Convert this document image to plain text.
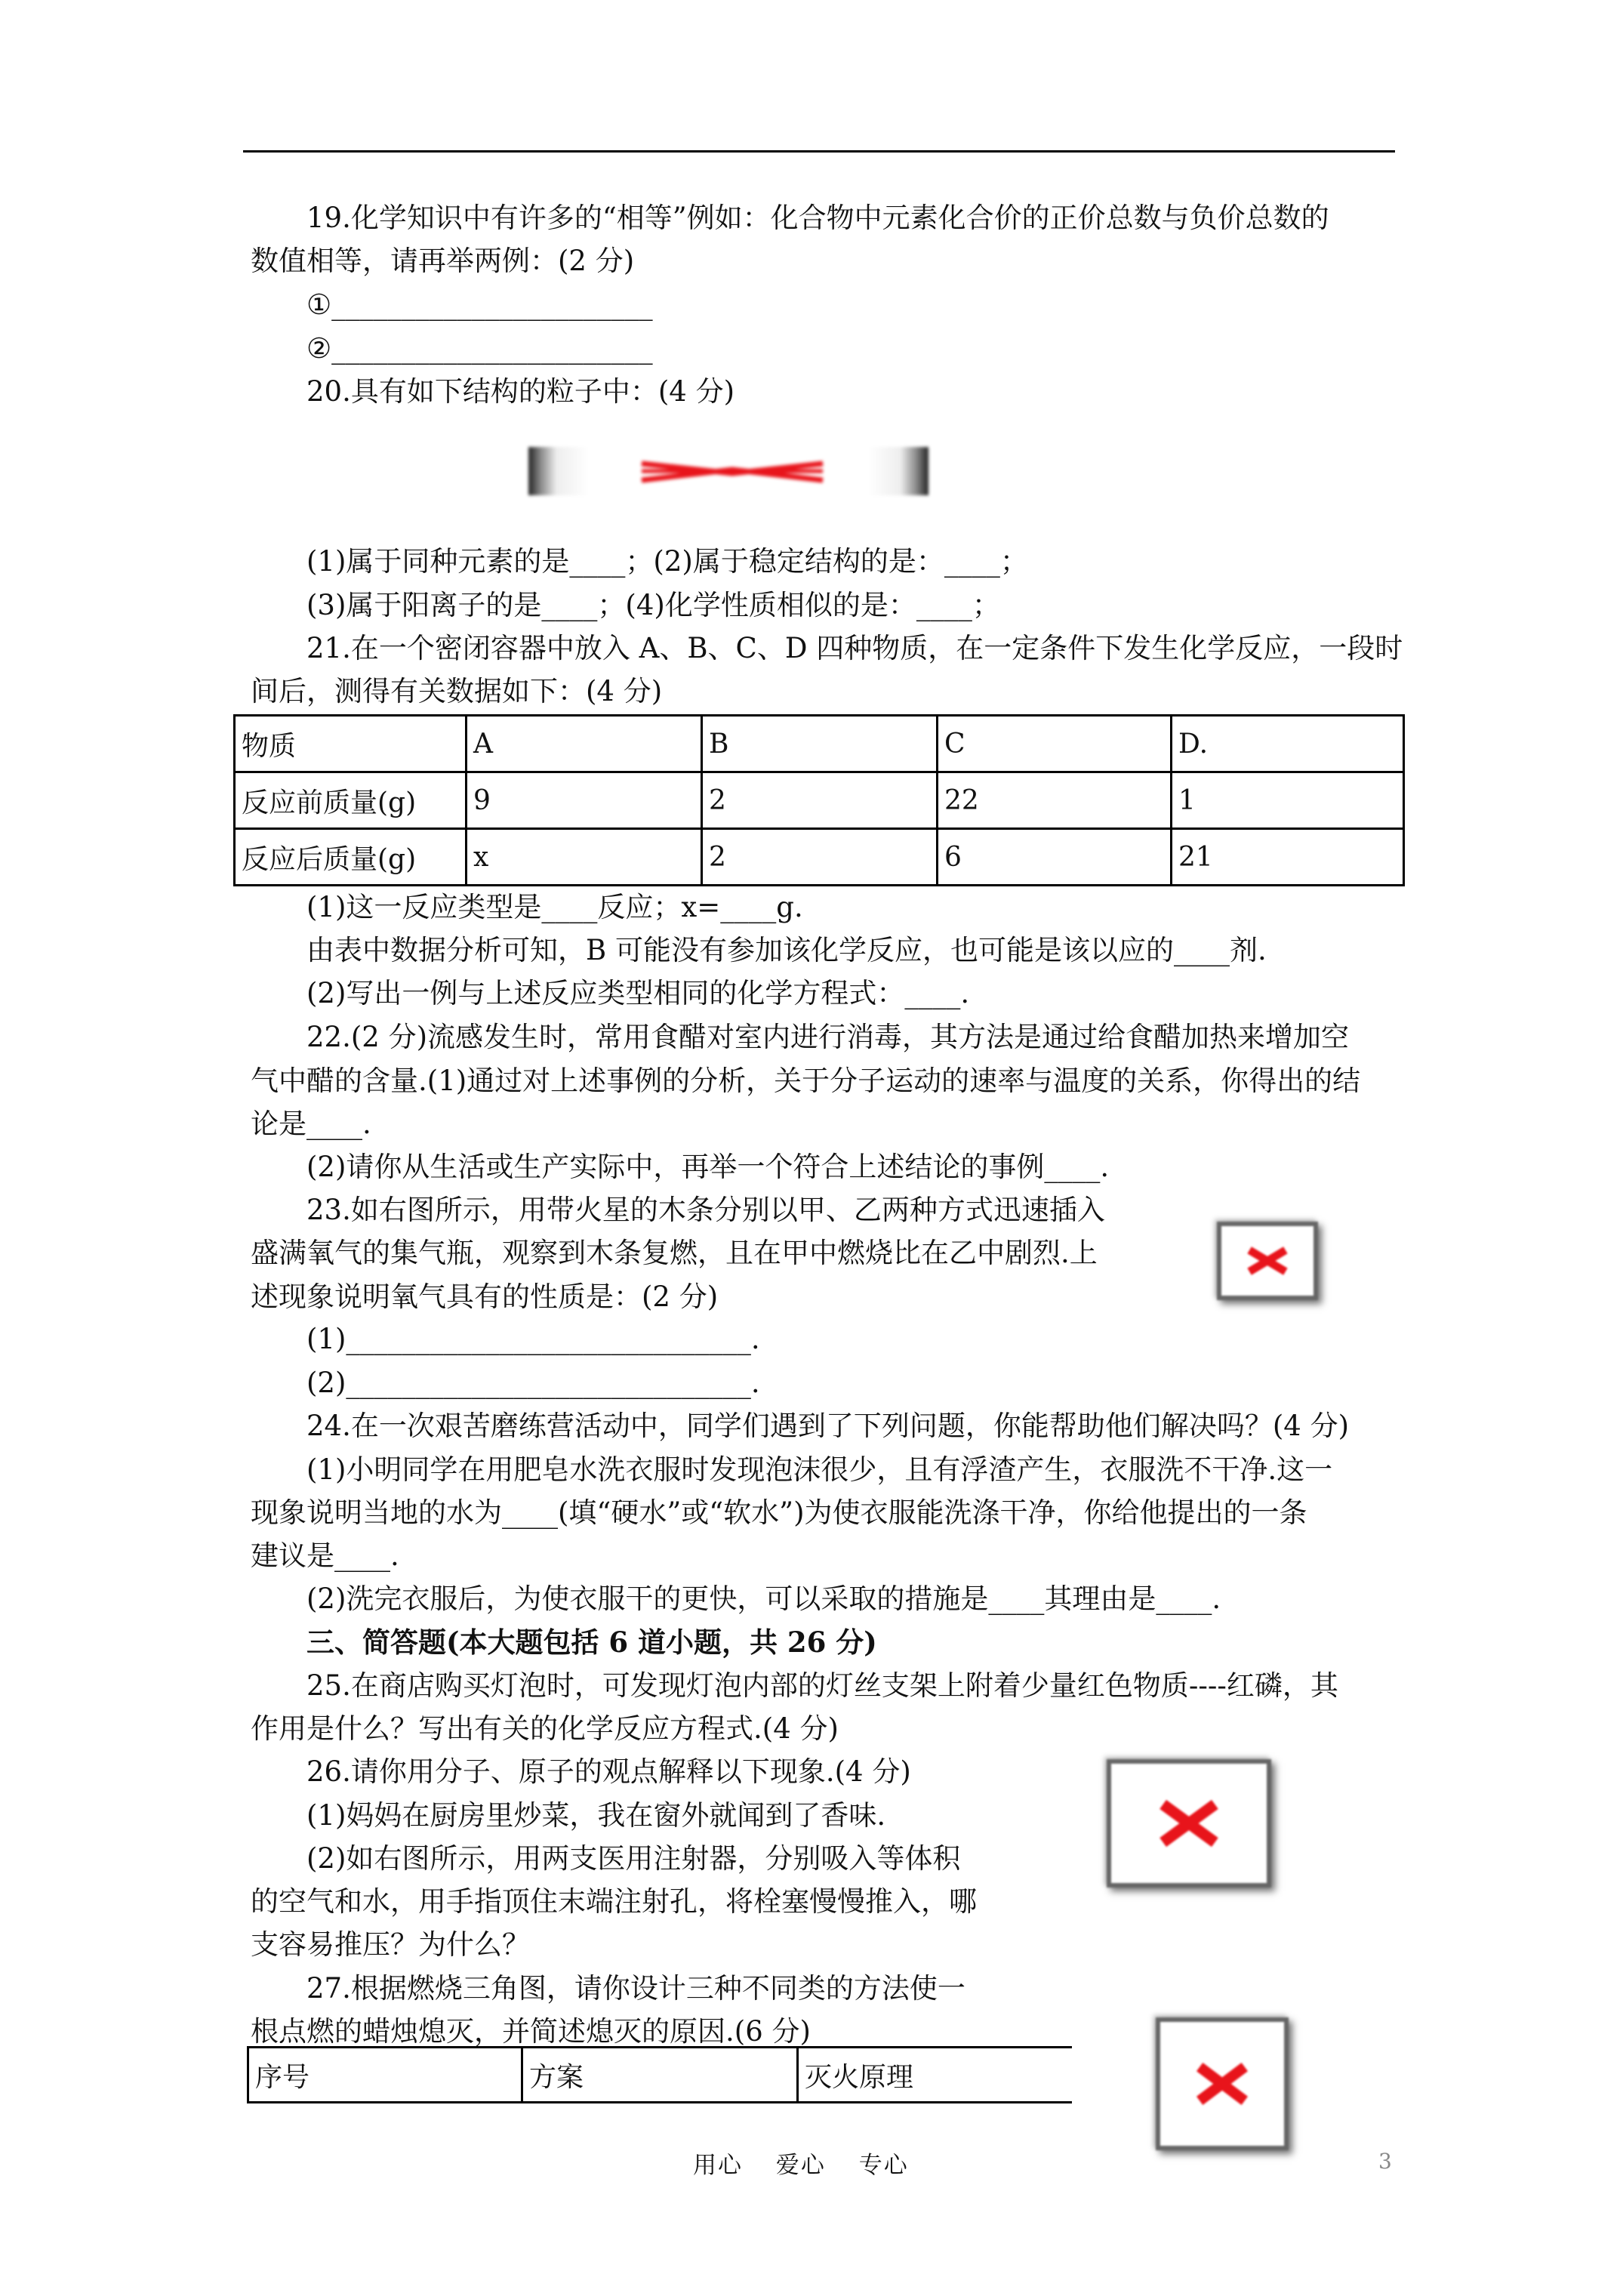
19.化学知识中有许多的“相等”例如：化合物中元素化合价的正价总数与负价总数的
数值相等，请再举两例：(2 分)
①_______________________
②_______________________
20.具有如下结构的粒子中：(4 分)
(1)属于同种元素的是____；(2)属于稳定结构的是：____；
(3)属于阳离子的是____；(4)化学性质相似的是：____；
21.在一个密闭容器中放入 A、B、C、D 四种物质，在一定条件下发生化学反应，一段时
间后，测得有关数据如下：(4 分)
物质	A	B	C	D.
反应前质量(g)	9	2	22	1
反应后质量(g)	x	2	6	21
(1)这一反应类型是____反应；x=____g.
由表中数据分析可知，B 可能没有参加该化学反应，也可能是该以应的____剂.
(2)写出一例与上述反应类型相同的化学方程式：____.
22.(2 分)流感发生时，常用食醋对室内进行消毒，其方法是通过给食醋加热来增加空
气中醋的含量.(1)通过对上述事例的分析，关于分子运动的速率与温度的关系，你得出的结
论是____.
(2)请你从生活或生产实际中，再举一个符合上述结论的事例____.
23.如右图所示，用带火星的木条分别以甲、乙两种方式迅速插入
盛满氧气的集气瓶，观察到木条复燃，且在甲中燃烧比在乙中剧烈.上
述现象说明氧气具有的性质是：(2 分)
(1)_____________________________.
(2)_____________________________.
24.在一次艰苦磨练营活动中，同学们遇到了下列问题，你能帮助他们解决吗？(4 分)
(1)小明同学在用肥皂水洗衣服时发现泡沫很少，且有浮渣产生，衣服洗不干净.这一
现象说明当地的水为____(填“硬水”或“软水”)为使衣服能洗涤干净，你给他提出的一条
建议是____.
(2)洗完衣服后，为使衣服干的更快，可以采取的措施是____其理由是____.
三、简答题(本大题包括 6 道小题，共 26 分)
25.在商店购买灯泡时，可发现灯泡内部的灯丝支架上附着少量红色物质----红磷，其
作用是什么？写出有关的化学反应方程式.(4 分)
26.请你用分子、原子的观点解释以下现象.(4 分)
(1)妈妈在厨房里炒菜，我在窗外就闻到了香味.
(2)如右图所示，用两支医用注射器，分别吸入等体积
的空气和水，用手指顶住末端注射孔，将栓塞慢慢推入，哪
支容易推压？为什么？
27.根据燃烧三角图，请你设计三种不同类的方法使一
根点燃的蜡烛熄灭，并简述熄灭的原因.(6 分)
序号	方案	灭火原理
用心 爱心 专心	3
